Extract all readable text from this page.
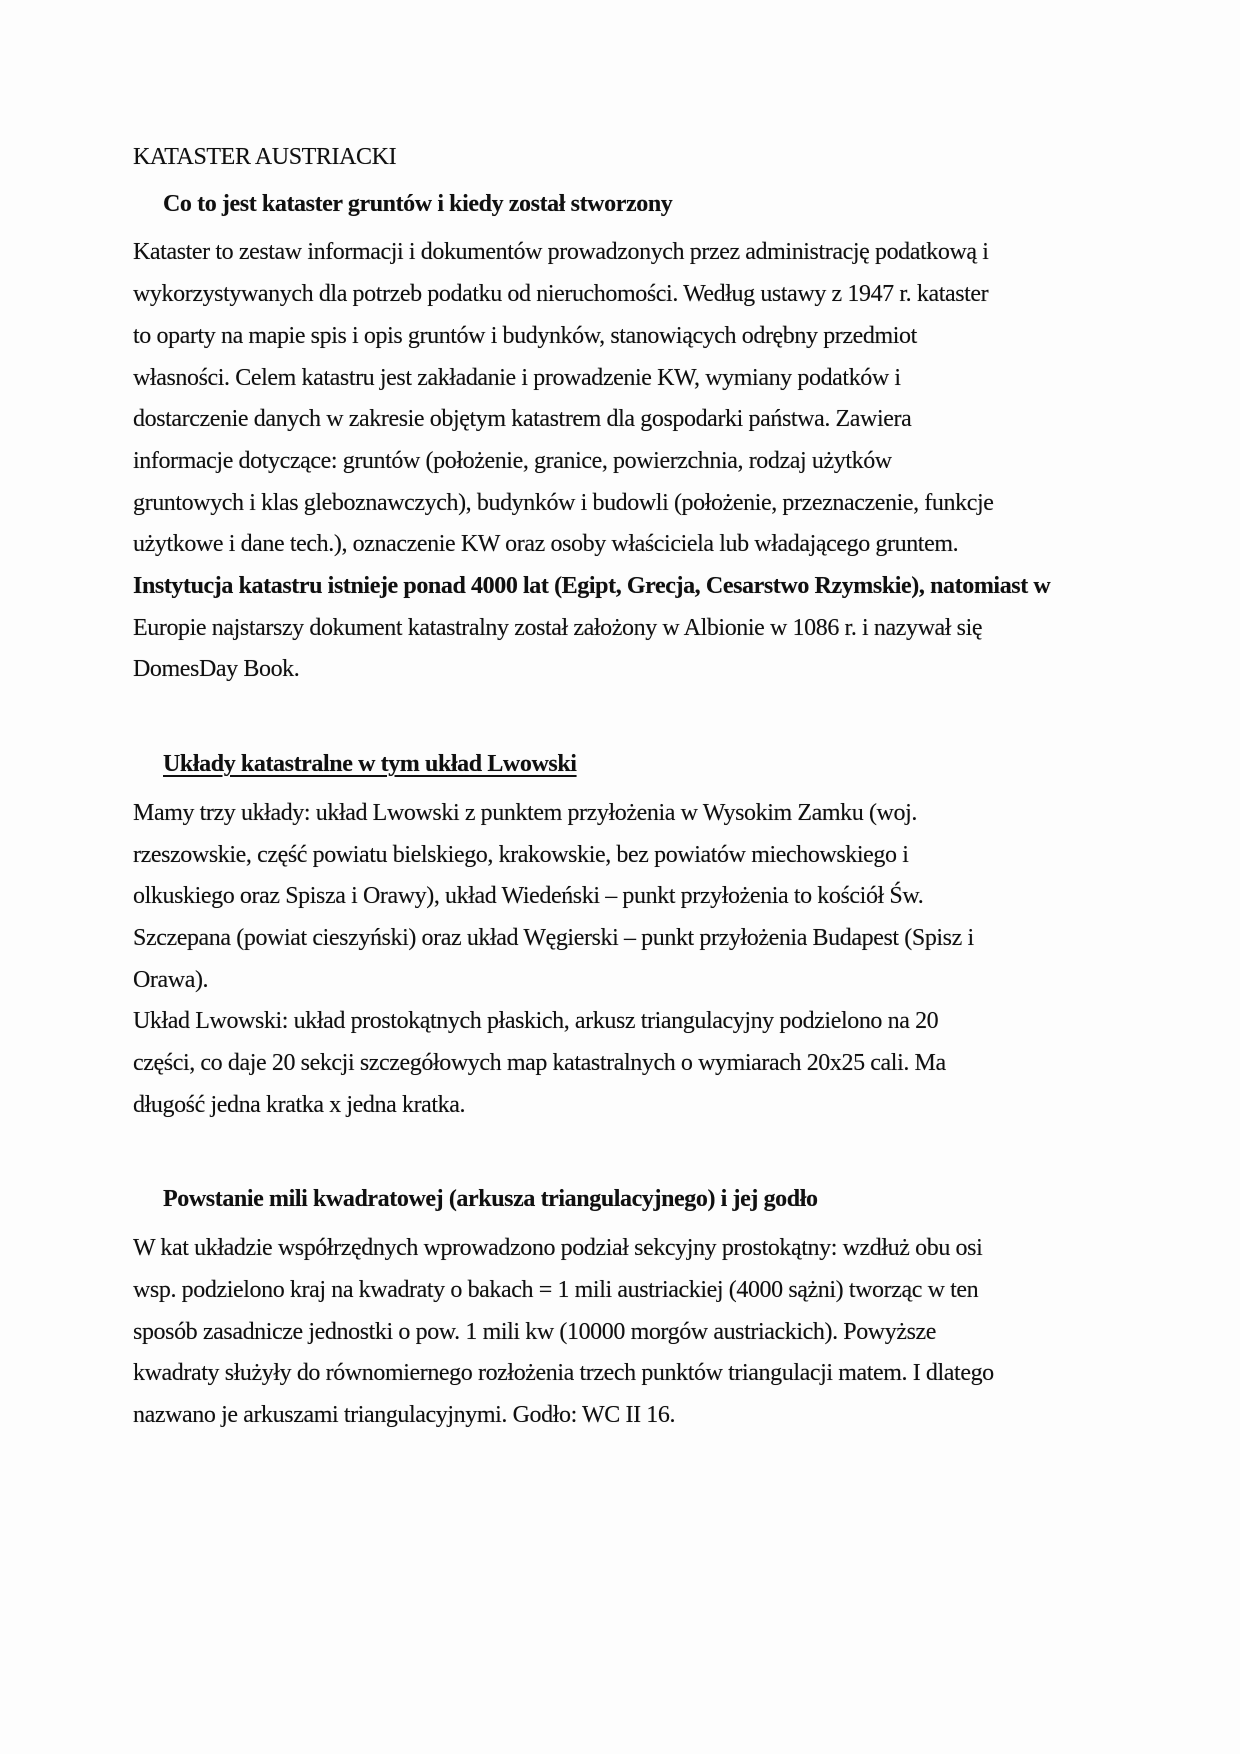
KATASTER AUSTRIACKI
Co to jest kataster gruntów i kiedy został stworzony
Kataster to zestaw informacji i dokumentów prowadzonych przez administrację podatkową i
wykorzystywanych dla potrzeb podatku od nieruchomości. Według ustawy z 1947 r. kataster
to oparty na mapie spis i opis gruntów i budynków, stanowiących odrębny przedmiot
własności. Celem katastru jest zakładanie i prowadzenie KW, wymiany podatków i
dostarczenie danych w zakresie objętym katastrem dla gospodarki państwa. Zawiera
informacje dotyczące: gruntów (położenie, granice, powierzchnia, rodzaj użytków
gruntowych i klas gleboznawczych), budynków i budowli (położenie, przeznaczenie, funkcje
użytkowe i dane tech.), oznaczenie KW oraz osoby właściciela lub władającego gruntem.
Instytucja katastru istnieje ponad 4000 lat (Egipt, Grecja, Cesarstwo Rzymskie), natomiast w
Europie najstarszy dokument katastralny został założony w Albionie w 1086 r. i nazywał się
DomesDay Book.
Układy katastralne w tym układ Lwowski
Mamy trzy układy: układ Lwowski z punktem przyłożenia w Wysokim Zamku (woj.
rzeszowskie, część powiatu bielskiego, krakowskie, bez powiatów miechowskiego i
olkuskiego oraz Spisza i Orawy), układ Wiedeński – punkt przyłożenia to kościół Św.
Szczepana (powiat cieszyński) oraz układ Węgierski – punkt przyłożenia Budapest (Spisz i
Orawa).
Układ Lwowski: układ prostokątnych płaskich, arkusz triangulacyjny podzielono na 20
części, co daje 20 sekcji szczegółowych map katastralnych o wymiarach 20x25 cali. Ma
długość jedna kratka x jedna kratka.
Powstanie mili kwadratowej (arkusza triangulacyjnego) i jej godło
W kat układzie współrzędnych wprowadzono podział sekcyjny prostokątny: wzdłuż obu osi
wsp. podzielono kraj na kwadraty o bakach = 1 mili austriackiej (4000 sążni) tworząc w ten
sposób zasadnicze jednostki o pow. 1 mili kw (10000 morgów austriackich). Powyższe
kwadraty służyły do równomiernego rozłożenia trzech punktów triangulacji matem. I dlatego
nazwano je arkuszami triangulacyjnymi. Godło: WC II 16.
